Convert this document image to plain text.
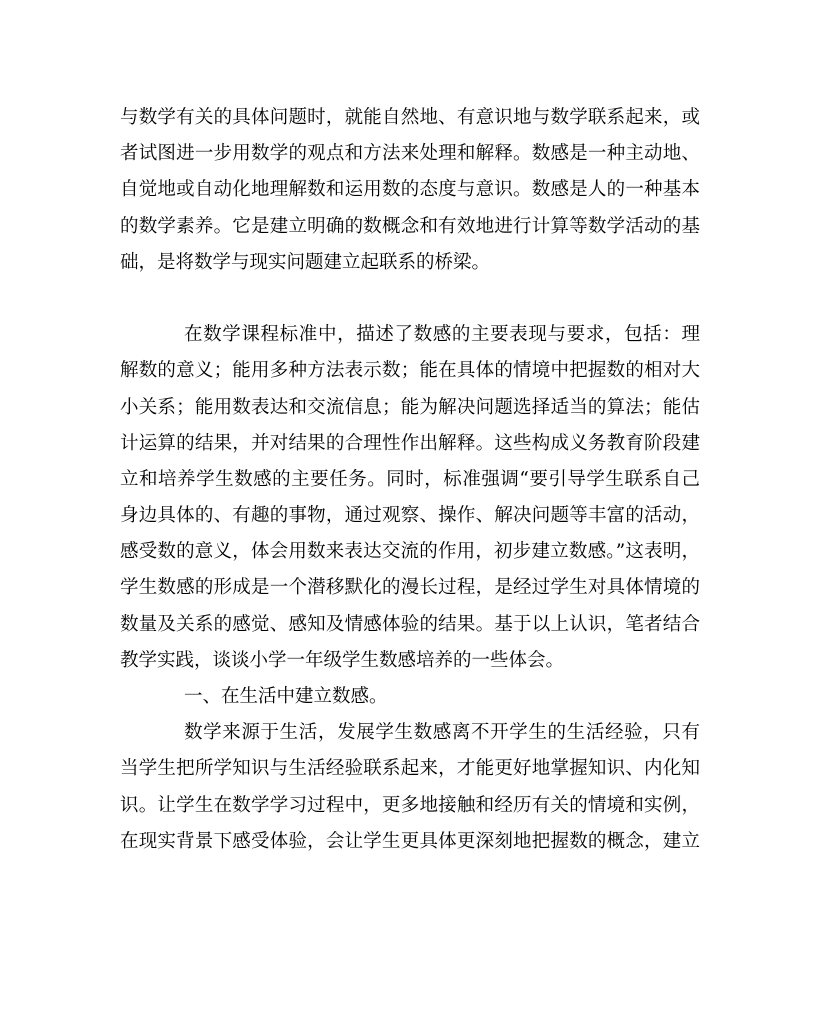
与数学有关的具体问题时，就能自然地、有意识地与数学联系起来，或
者试图进一步用数学的观点和方法来处理和解释。数感是一种主动地、
自觉地或自动化地理解数和运用数的态度与意识。数感是人的一种基本
的数学素养。它是建立明确的数概念和有效地进行计算等数学活动的基
础，是将数学与现实问题建立起联系的桥梁。
在数学课程标准中，描述了数感的主要表现与要求，包括：理
解数的意义；能用多种方法表示数；能在具体的情境中把握数的相对大
小关系；能用数表达和交流信息；能为解决问题选择适当的算法；能估
计运算的结果，并对结果的合理性作出解释。这些构成义务教育阶段建
立和培养学生数感的主要任务。同时，标准强调“要引导学生联系自己
身边具体的、有趣的事物，通过观察、操作、解决问题等丰富的活动，
感受数的意义，体会用数来表达交流的作用，初步建立数感。”这表明，
学生数感的形成是一个潜移默化的漫长过程，是经过学生对具体情境的
数量及关系的感觉、感知及情感体验的结果。基于以上认识，笔者结合
教学实践，谈谈小学一年级学生数感培养的一些体会。
一、在生活中建立数感。
数学来源于生活，发展学生数感离不开学生的生活经验，只有
当学生把所学知识与生活经验联系起来，才能更好地掌握知识、内化知
识。让学生在数学学习过程中，更多地接触和经历有关的情境和实例，
在现实背景下感受体验，会让学生更具体更深刻地把握数的概念，建立
